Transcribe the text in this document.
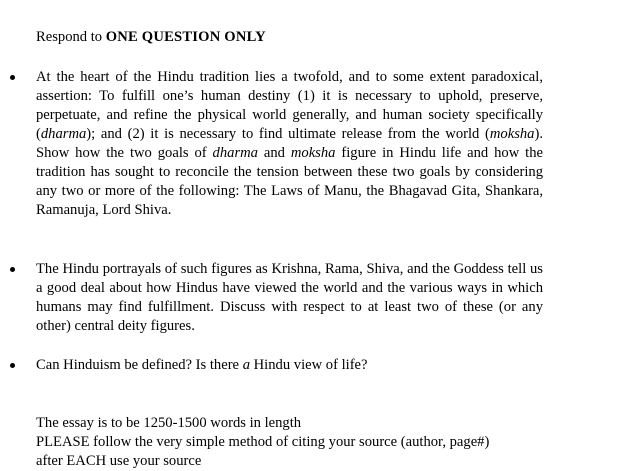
Respond to ONE QUESTION ONLY
At the heart of the Hindu tradition lies a twofold, and to some extent paradoxical, assertion: To fulfill one’s human destiny (1) it is necessary to uphold, preserve, perpetuate, and refine the physical world generally, and human society specifically (dharma); and (2) it is necessary to find ultimate release from the world (moksha). Show how the two goals of dharma and moksha figure in Hindu life and how the tradition has sought to reconcile the tension between these two goals by considering any two or more of the following: The Laws of Manu, the Bhagavad Gita, Shankara, Ramanuja, Lord Shiva.
The Hindu portrayals of such figures as Krishna, Rama, Shiva, and the Goddess tell us a good deal about how Hindus have viewed the world and the various ways in which humans may find fulfillment. Discuss with respect to at least two of these (or any other) central deity figures.
Can Hinduism be defined? Is there a Hindu view of life?
The essay is to be 1250-1500 words in length
PLEASE follow the very simple method of citing your source (author, page#)
after EACH use your source
